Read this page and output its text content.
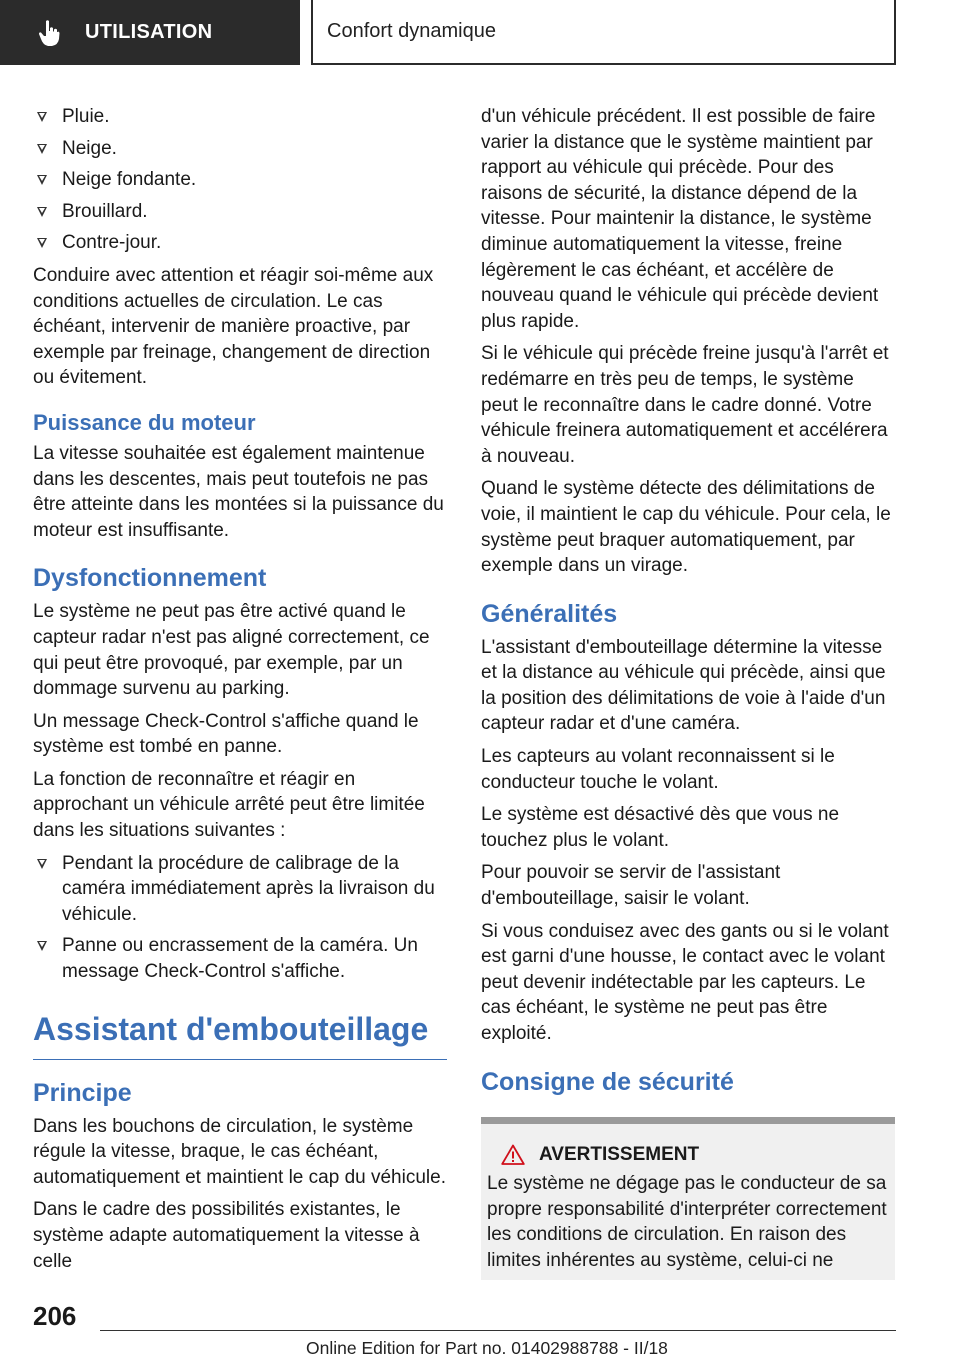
UTILISATION	Confort dynamique
Pluie.
Neige.
Neige fondante.
Brouillard.
Contre-jour.

Conduire avec attention et réagir soi-même aux conditions actuelles de circulation. Le cas échéant, intervenir de manière proactive, par exemple par freinage, changement de direction ou évitement.

Puissance du moteur

La vitesse souhaitée est également maintenue dans les descentes, mais peut toutefois ne pas être atteinte dans les montées si la puissance du moteur est insuffisante.

Dysfonctionnement

Le système ne peut pas être activé quand le capteur radar n'est pas aligné correctement, ce qui peut être provoqué, par exemple, par un dommage survenu au parking.

Un message Check-Control s'affiche quand le système est tombé en panne.

La fonction de reconnaître et réagir en approchant un véhicule arrêté peut être limitée dans les situations suivantes :

Pendant la procédure de calibrage de la caméra immédiatement après la livraison du véhicule.
Panne ou encrassement de la caméra. Un message Check-Control s'affiche.
Assistant d'embouteillage
Principe

Dans les bouchons de circulation, le système régule la vitesse, braque, le cas échéant, automatiquement et maintient le cap du véhicule.

Dans le cadre des possibilités existantes, le système adapte automatiquement la vitesse à celle

d'un véhicule précédent. Il est possible de faire varier la distance que le système maintient par rapport au véhicule qui précède. Pour des raisons de sécurité, la distance dépend de la vitesse. Pour maintenir la distance, le système diminue automatiquement la vitesse, freine légèrement le cas échéant, et accélère de nouveau quand le véhicule qui précède devient plus rapide.

Si le véhicule qui précède freine jusqu'à l'arrêt et redémarre en très peu de temps, le système peut le reconnaître dans le cadre donné. Votre véhicule freinera automatiquement et accélérera à nouveau.

Quand le système détecte des délimitations de voie, il maintient le cap du véhicule. Pour cela, le système peut braquer automatiquement, par exemple dans un virage.

Généralités

L'assistant d'embouteillage détermine la vitesse et la distance au véhicule qui précède, ainsi que la position des délimitations de voie à l'aide d'un capteur radar et d'une caméra.

Les capteurs au volant reconnaissent si le conducteur touche le volant.

Le système est désactivé dès que vous ne touchez plus le volant.

Pour pouvoir se servir de l'assistant d'embouteillage, saisir le volant.

Si vous conduisez avec des gants ou si le volant est garni d'une housse, le contact avec le volant peut devenir indétectable par les capteurs. Le cas échéant, le système ne peut pas être exploité.

Consigne de sécurité
AVERTISSEMENT

Le système ne dégage pas le conducteur de sa propre responsabilité d'interpréter correctement les conditions de circulation. En raison des limites inhérentes au système, celui-ci ne

206
Online Edition for Part no. 01402988788 - II/18
